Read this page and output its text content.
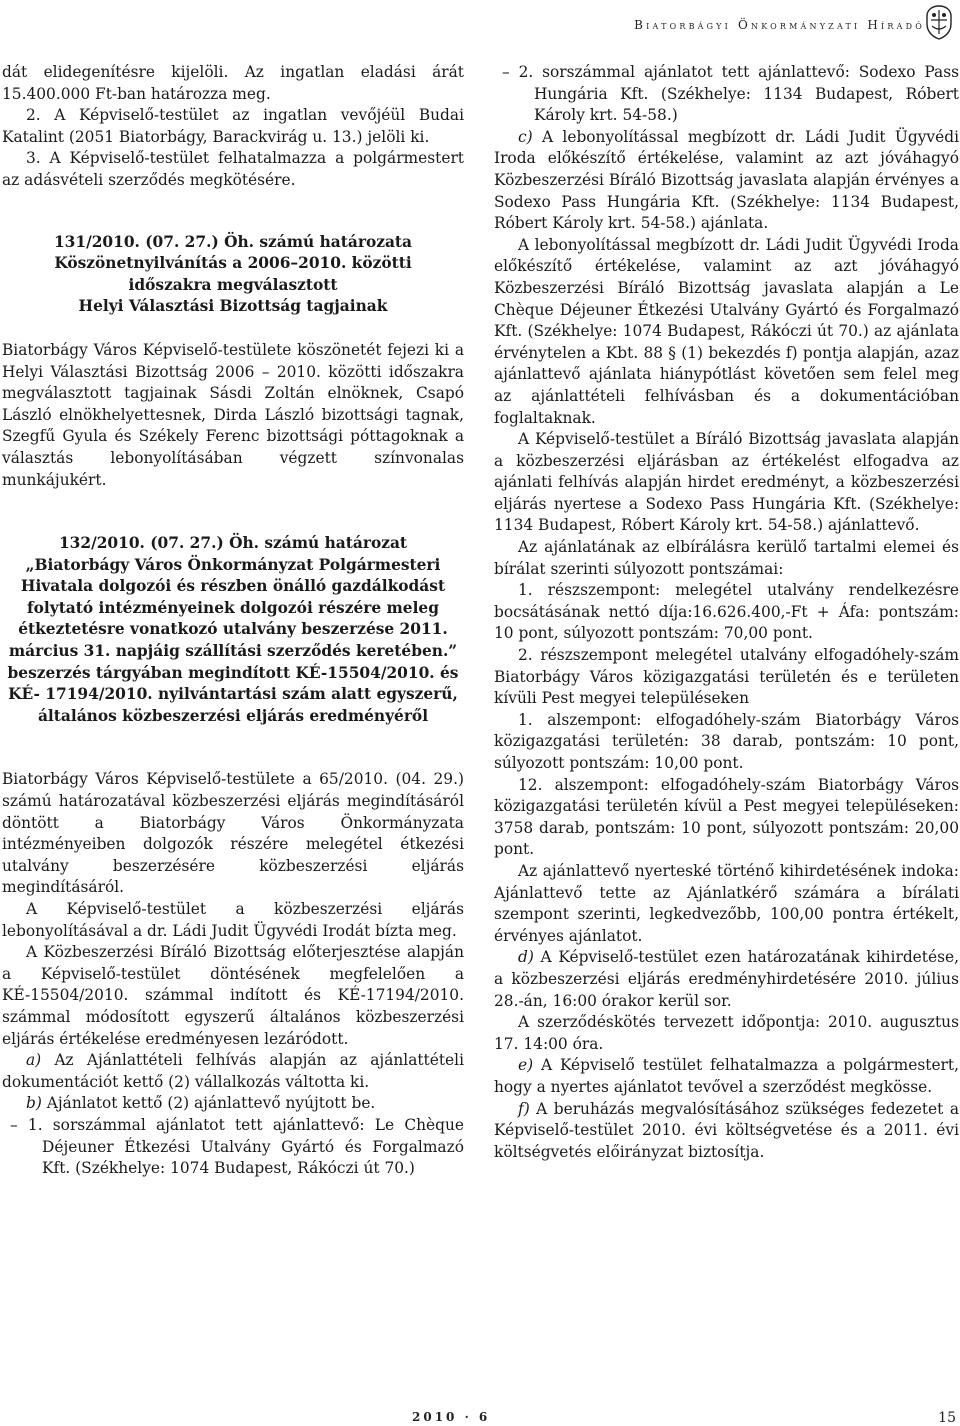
Biatorbágyi Önkormányzati Híradó

dát elidegenítésre kijelöli. Az ingatlan eladási árát 15.400.000 Ft-ban határozza meg.

2. A Képviselő-testület az ingatlan vevőjéül Budai Katalint (2051 Biatorbágy, Barackvirág u. 13.) jelöli ki.

3. A Képviselő-testület felhatalmazza a polgármestert az adásvételi szerződés megkötésére.

131/2010. (07. 27.) Öh. számú határozata

Köszönetnyilvánítás a 2006–2010. közötti

időszakra megválasztott

Helyi Választási Bizottság tagjainak

Biatorbágy Város Képviselő-testülete köszönetét fejezi ki a Helyi Választási Bizottság 2006 – 2010. közötti időszakra megválasztott tagjainak Sásdi Zoltán elnöknek, Csapó László elnökhelyettesnek, Dirda László bizottsági tagnak, Szegfű Gyula és Székely Ferenc bizottsági póttagoknak a választás lebonyolításában végzett színvonalas munkájukért.

132/2010. (07. 27.) Öh. számú határozat

„Biatorbágy Város Önkormányzat Polgármesteri Hivatala dolgozói és részben önálló gazdálkodást folytató intézményeinek dolgozói részére meleg étkeztetésre vonatkozó utalvány beszerzése 2011. március 31. napjáig szállítási szerződés keretében.” beszerzés tárgyában megindított KÉ-15504/2010. és KÉ- 17194/2010. nyilvántartási szám alatt egyszerű, általános közbeszerzési eljárás eredményéről

Biatorbágy Város Képviselő-testülete a 65/2010. (04. 29.) számú határozatával közbeszerzési eljárás megindításáról döntött a Biatorbágy Város Önkormányzata intézményeiben dolgozók részére melegétel étkezési utalvány beszerzésére közbeszerzési eljárás megindításáról.

A Képviselő-testület a közbeszerzési eljárás lebonyolításával a dr. Ládi Judit Ügyvédi Irodát bízta meg.

A Közbeszerzési Bíráló Bizottság előterjesztése alapján a Képviselő-testület döntésének megfelelően a KÉ-15504/2010. számmal indított és KÉ-17194/2010. számmal módosított egyszerű általános közbeszerzési eljárás értékelése eredményesen lezáródott.

a) Az Ajánlattételi felhívás alapján az ajánlattételi dokumentációt kettő (2) vállalkozás váltotta ki.

b) Ajánlatot kettő (2) ajánlattevő nyújtott be.

– 1. sorszámmal ajánlatot tett ajánlattevő: Le Chèque Déjeuner Étkezési Utalvány Gyártó és Forgalmazó Kft. (Székhelye: 1074 Budapest, Rákóczi út 70.)

– 2. sorszámmal ajánlatot tett ajánlattevő: Sodexo Pass Hungária Kft. (Székhelye: 1134 Budapest, Róbert Károly krt. 54-58.)

c) A lebonyolítással megbízott dr. Ládi Judit Ügyvédi Iroda előkészítő értékelése, valamint az azt jóváhagyó Közbeszerzési Bíráló Bizottság javaslata alapján érvényes a Sodexo Pass Hungária Kft. (Székhelye: 1134 Budapest, Róbert Károly krt. 54-58.) ajánlata.

A lebonyolítással megbízott dr. Ládi Judit Ügyvédi Iroda előkészítő értékelése, valamint az azt jóváhagyó Közbeszerzési Bíráló Bizottság javaslata alapján a Le Chèque Déjeuner Étkezési Utalvány Gyártó és Forgalmazó Kft. (Székhelye: 1074 Budapest, Rákóczi út 70.) az ajánlata érvénytelen a Kbt. 88 § (1) bekezdés f) pontja alapján, azaz ajánlattevő ajánlata hiánypótlást követően sem felel meg az ajánlattételi felhívásban és a dokumentációban foglaltaknak.

A Képviselő-testület a Bíráló Bizottság javaslata alapján a közbeszerzési eljárásban az értékelést elfogadva az ajánlati felhívás alapján hirdet eredményt, a közbeszerzési eljárás nyertese a Sodexo Pass Hungária Kft. (Székhelye: 1134 Budapest, Róbert Károly krt. 54-58.) ajánlattevő.

Az ajánlatának az elbírálásra kerülő tartalmi elemei és bírálat szerinti súlyozott pontszámai:

1. részszempont: melegétel utalvány rendelkezésre bocsátásának nettó díja:16.626.400,-Ft + Áfa: pontszám: 10 pont, súlyozott pontszám: 70,00 pont.

2. részszempont melegétel utalvány elfogadóhely-szám Biatorbágy Város közigazgatási területén és e területen kívüli Pest megyei településeken

1. alszempont: elfogadóhely-szám Biatorbágy Város közigazgatási területén: 38 darab, pontszám: 10 pont, súlyozott pontszám: 10,00 pont.

12. alszempont: elfogadóhely-szám Biatorbágy Város közigazgatási területén kívül a Pest megyei településeken: 3758 darab, pontszám: 10 pont, súlyozott pontszám: 20,00 pont.

Az ajánlattevő nyerteské történő kihirdetésének indoka: Ajánlattevő tette az Ajánlatkérő számára a bírálati szempont szerinti, legkedvezőbb, 100,00 pontra értékelt, érvényes ajánlatot.

d) A Képviselő-testület ezen határozatának kihirdetése, a közbeszerzési eljárás eredményhirdetésére 2010. július 28.-án, 16:00 órakor kerül sor.

A szerződéskötés tervezett időpontja: 2010. augusztus 17. 14:00 óra.

e) A Képviselő testület felhatalmazza a polgármestert, hogy a nyertes ajánlatot tevővel a szerződést megkösse.

f) A beruházás megvalósításához szükséges fedezetet a Képviselő-testület 2010. évi költségvetése és a 2011. évi költségvetés előirányzat biztosítja.

2010 · 6	15
